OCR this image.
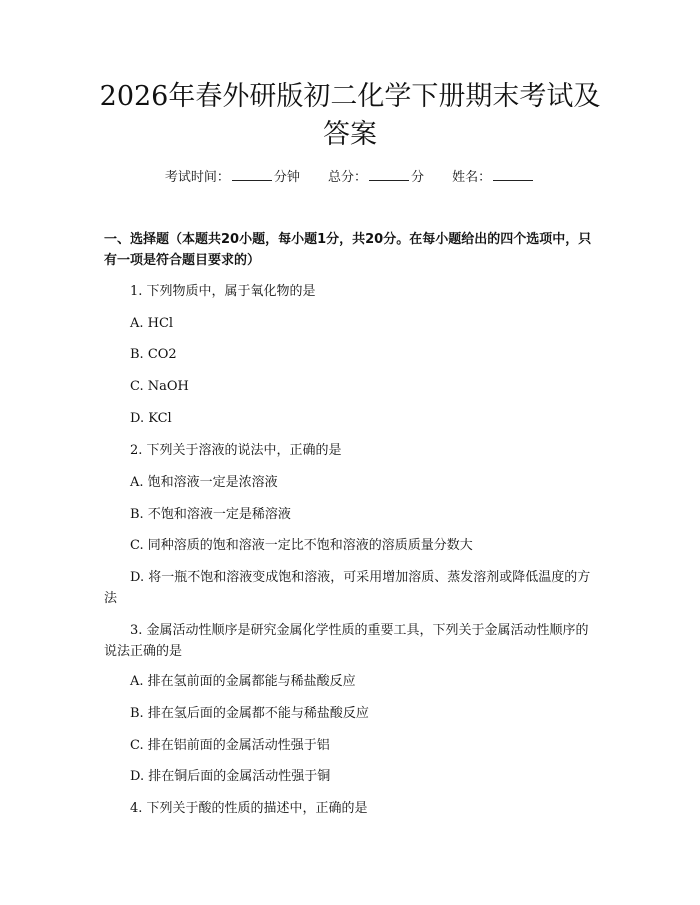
2026年春外研版初二化学下册期末考试及答案
考试时间：	分钟 总分：	分 姓名：
一、选择题（本题共20小题，每小题1分，共20分。在每小题给出的四个选项中，只有一项是符合题目要求的）
1. 下列物质中，属于氧化物的是
A. HCl
B. CO2
C. NaOH
D. KCl
2. 下列关于溶液的说法中，正确的是
A. 饱和溶液一定是浓溶液
B. 不饱和溶液一定是稀溶液
C. 同种溶质的饱和溶液一定比不饱和溶液的溶质质量分数大
D. 将一瓶不饱和溶液变成饱和溶液，可采用增加溶质、蒸发溶剂或降低温度的方法
3. 金属活动性顺序是研究金属化学性质的重要工具，下列关于金属活动性顺序的说法正确的是
A. 排在氢前面的金属都能与稀盐酸反应
B. 排在氢后面的金属都不能与稀盐酸反应
C. 排在铝前面的金属活动性强于铝
D. 排在铜后面的金属活动性强于铜
4. 下列关于酸的性质的描述中，正确的是
